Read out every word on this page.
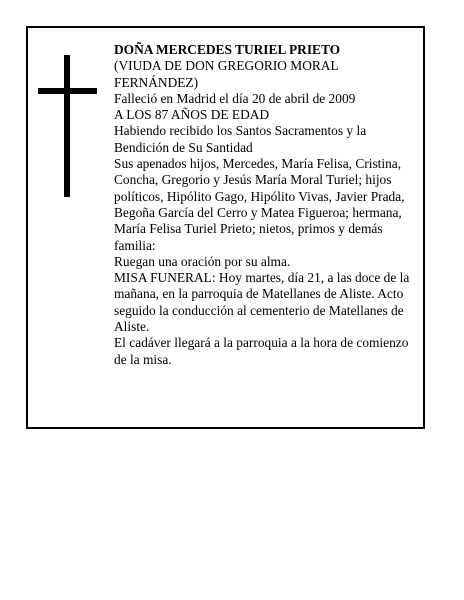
DOÑA MERCEDES TURIEL PRIETO

(VIUDA DE DON GREGORIO MORAL FERNÁNDEZ)

Falleció en Madrid el día 20 de abril de 2009

A LOS 87 AÑOS DE EDAD

Habiendo recibido los Santos Sacramentos y la Bendición de Su Santidad

Sus apenados hijos, Mercedes, María Felisa, Cristina, Concha, Gregorio y Jesús María Moral Turiel; hijos políticos, Hipólito Gago, Hipólito Vivas, Javier Prada, Begoña García del Cerro y Matea Figueroa; hermana, María Felisa Turiel Prieto; nietos, primos y demás familia:

Ruegan una oración por su alma.

MISA FUNERAL: Hoy martes, día 21, a las doce de la mañana, en la parroquia de Matellanes de Aliste. Acto seguido la conducción al cementerio de Matellanes de Aliste.

El cadáver llegará a la parroquia a la hora de comienzo de la misa.
